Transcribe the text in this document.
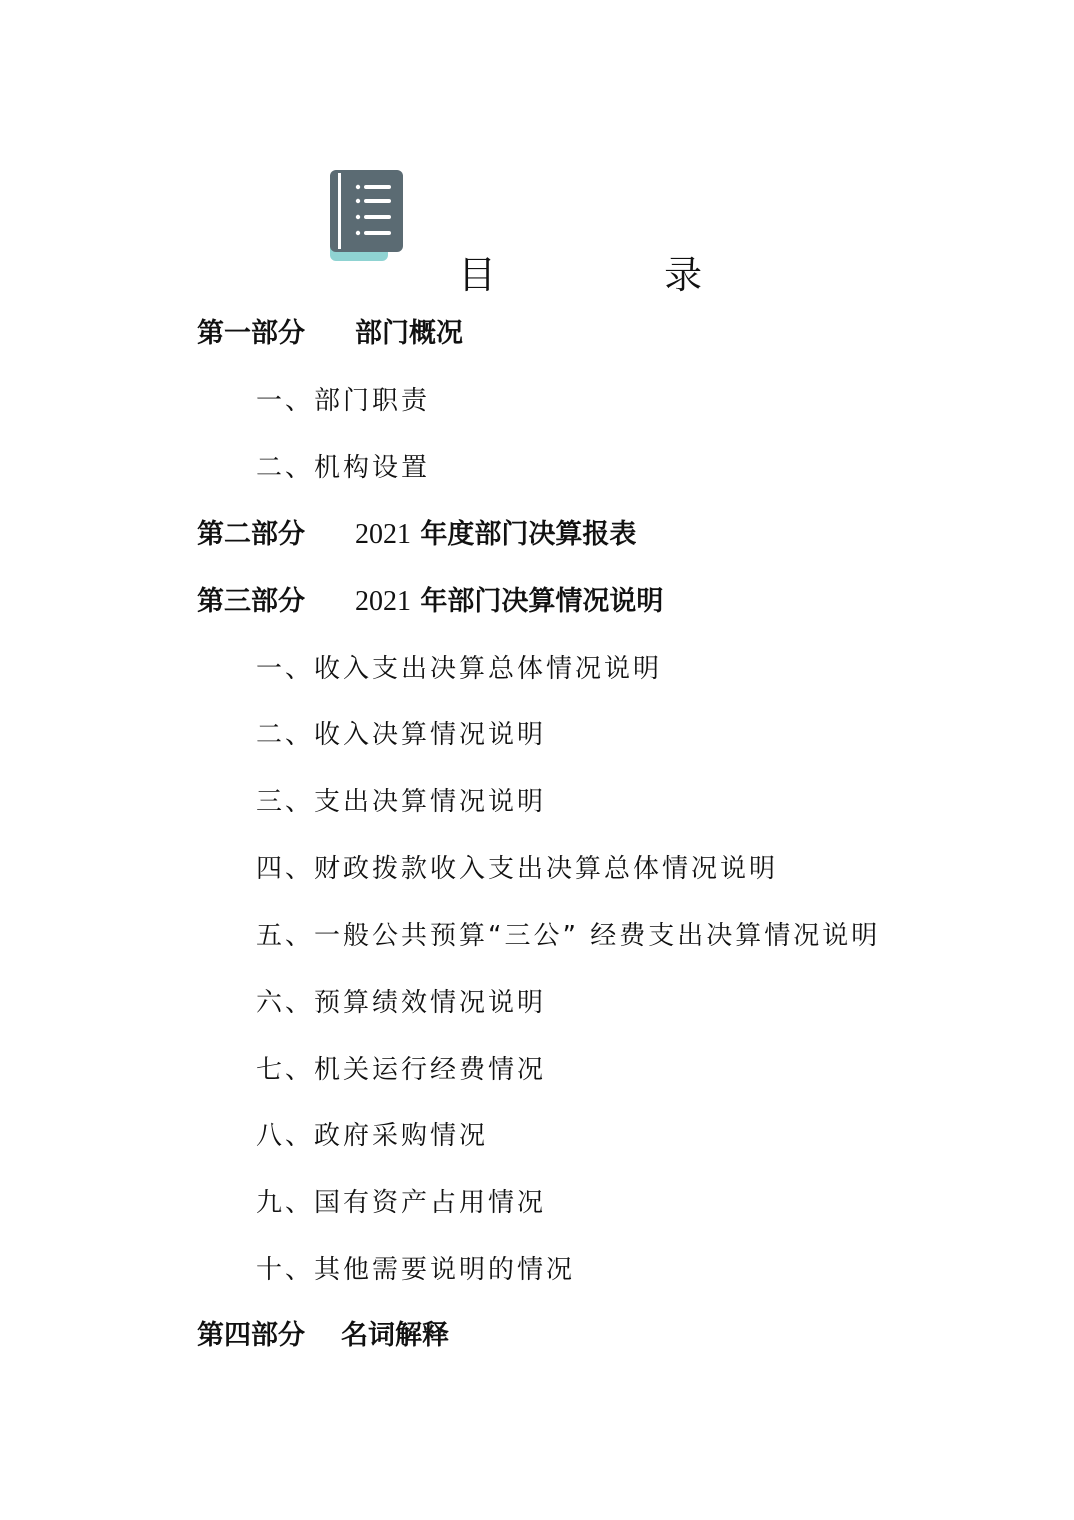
目 录
第一部分 部门概况
一、部门职责
二、机构设置
第二部分 2021 年度部门决算报表
第三部分 2021 年部门决算情况说明
一、收入支出决算总体情况说明
二、收入决算情况说明
三、支出决算情况说明
四、财政拨款收入支出决算总体情况说明
五、一般公共预算“三公” 经费支出决算情况说明
六、预算绩效情况说明
七、机关运行经费情况
八、政府采购情况
九、国有资产占用情况
十、其他需要说明的情况
第四部分 名词解释
